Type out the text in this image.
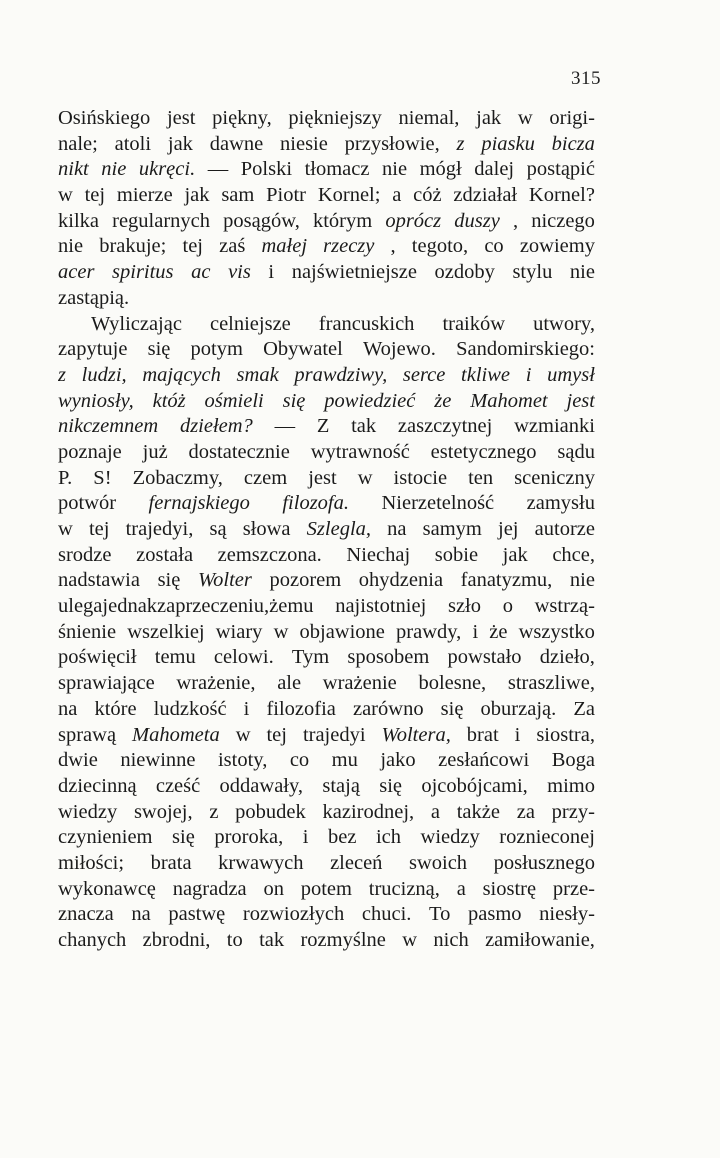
315
Osińskiego jest piękny, piękniejszy niemal, jak w origi-
nale; atoli jak dawne niesie przysłowie, z piasku bicza
nikt nie ukręci. — Polski tłomacz nie mógł dalej postąpić
w tej mierze jak sam Piotr Kornel; a cóż zdziałał Kornel?
kilka regularnych posągów, którym oprócz duszy , niczego
nie brakuje; tej zaś małej rzeczy , tegoto, co zowiemy
acer spiritus ac vis i najświetniejsze ozdoby stylu nie
zastąpią.
Wyliczając celniejsze francuskich traików utwory,
zapytuje się potym Obywatel Wojewo. Sandomirskiego:
z ludzi, mających smak prawdziwy, serce tkliwe i umysł
wyniosły, któż ośmieli się powiedzieć że Mahomet jest
nikczemnem dziełem? — Z tak zaszczytnej wzmianki
poznaje już dostatecznie wytrawność estetycznego sądu
P. S! Zobaczmy, czem jest w istocie ten sceniczny
potwór fernajskiego filozofa. Nierzetelność zamysłu
w tej trajedyi, są słowa Szlegla, na samym jej autorze
srodze została zemszczona. Niechaj sobie jak chce,
nadstawia się Wolter pozorem ohydzenia fanatyzmu, nie
ulegajednakzaprzeczeniu,żemu najistotniej szło o wstrzą-
śnienie wszelkiej wiary w objawione prawdy, i że wszystko
poświęcił temu celowi. Tym sposobem powstało dzieło,
sprawiające wrażenie, ale wrażenie bolesne, straszliwe,
na które ludzkość i filozofia zarówno się oburzają. Za
sprawą Mahometa w tej trajedyi Woltera, brat i siostra,
dwie niewinne istoty, co mu jako zesłańcowi Boga
dziecinną cześć oddawały, stają się ojcobójcami, mimo
wiedzy swojej, z pobudek kazirodnej, a także za przy-
czynieniem się proroka, i bez ich wiedzy roznieconej
miłości; brata krwawych zleceń swoich posłusznego
wykonawcę nagradza on potem trucizną, a siostrę prze-
znacza na pastwę rozwiozłych chuci. To pasmo niesły-
chanych zbrodni, to tak rozmyślne w nich zamiłowanie,
